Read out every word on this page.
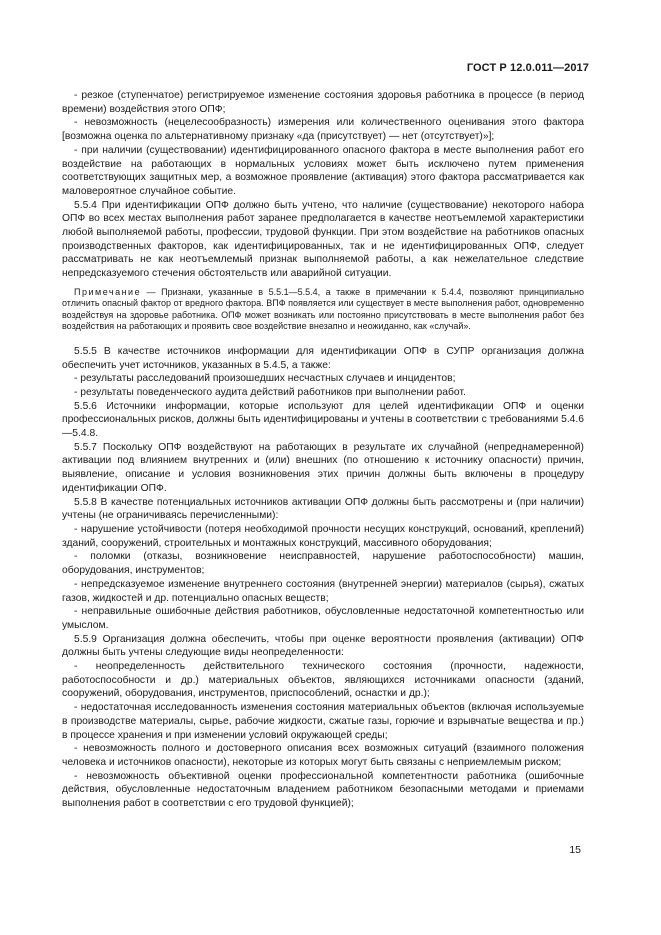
ГОСТ Р 12.0.011—2017

- резкое (ступенчатое) регистрируемое изменение состояния здоровья работника в процессе (в период времени) воздействия этого ОПФ;

- невозможность (нецелесообразность) измерения или количественного оценивания этого фактора [возможна оценка по альтернативному признаку «да (присутствует) — нет (отсутствует)»];

- при наличии (существовании) идентифицированного опасного фактора в месте выполнения работ его воздействие на работающих в нормальных условиях может быть исключено путем применения соответствующих защитных мер, а возможное проявление (активация) этого фактора рассматривается как маловероятное случайное событие.

5.5.4 При идентификации ОПФ должно быть учтено, что наличие (существование) некоторого набора ОПФ во всех местах выполнения работ заранее предполагается в качестве неотъемлемой характеристики любой выполняемой работы, профессии, трудовой функции. При этом воздействие на работников опасных производственных факторов, как идентифицированных, так и не идентифицированных ОПФ, следует рассматривать не как неотъемлемый признак выполняемой работы, а как нежелательное следствие непредсказуемого стечения обстоятельств или аварийной ситуации.

Примечание — Признаки, указанные в 5.5.1—5.5.4, а также в примечании к 5.4.4, позволяют принципиально отличить опасный фактор от вредного фактора. ВПФ появляется или существует в месте выполнения работ, одновременно воздействуя на здоровье работника. ОПФ может возникать или постоянно присутствовать в месте выполнения работ без воздействия на работающих и проявить свое воздействие внезапно и неожиданно, как «случай».

5.5.5 В качестве источников информации для идентификации ОПФ в СУПР организация должна обеспечить учет источников, указанных в 5.4.5, а также:

- результаты расследований произошедших несчастных случаев и инцидентов;

- результаты поведенческого аудита действий работников при выполнении работ.

5.5.6 Источники информации, которые используют для целей идентификации ОПФ и оценки профессиональных рисков, должны быть идентифицированы и учтены в соответствии с требованиями 5.4.6—5.4.8.

5.5.7 Поскольку ОПФ воздействуют на работающих в результате их случайной (непреднамеренной) активации под влиянием внутренних и (или) внешних (по отношению к источнику опасности) причин, выявление, описание и условия возникновения этих причин должны быть включены в процедуру идентификации ОПФ.

5.5.8 В качестве потенциальных источников активации ОПФ должны быть рассмотрены и (при наличии) учтены (не ограничиваясь перечисленными):

- нарушение устойчивости (потеря необходимой прочности несущих конструкций, оснований, креплений) зданий, сооружений, строительных и монтажных конструкций, массивного оборудования;

- поломки (отказы, возникновение неисправностей, нарушение работоспособности) машин, оборудования, инструментов;

- непредсказуемое изменение внутреннего состояния (внутренней энергии) материалов (сырья), сжатых газов, жидкостей и др. потенциально опасных веществ;

- неправильные ошибочные действия работников, обусловленные недостаточной компетентностью или умыслом.

5.5.9 Организация должна обеспечить, чтобы при оценке вероятности проявления (активации) ОПФ должны быть учтены следующие виды неопределенности:

- неопределенность действительного технического состояния (прочности, надежности, работоспособности и др.) материальных объектов, являющихся источниками опасности (зданий, сооружений, оборудования, инструментов, приспособлений, оснастки и др.);

- недостаточная исследованность изменения состояния материальных объектов (включая используемые в производстве материалы, сырье, рабочие жидкости, сжатые газы, горючие и взрывчатые вещества и пр.) в процессе хранения и при изменении условий окружающей среды;

- невозможность полного и достоверного описания всех возможных ситуаций (взаимного положения человека и источников опасности), некоторые из которых могут быть связаны с неприемлемым риском;

- невозможность объективной оценки профессиональной компетентности работника (ошибочные действия, обусловленные недостаточным владением работником безопасными методами и приемами выполнения работ в соответствии с его трудовой функцией);

15
